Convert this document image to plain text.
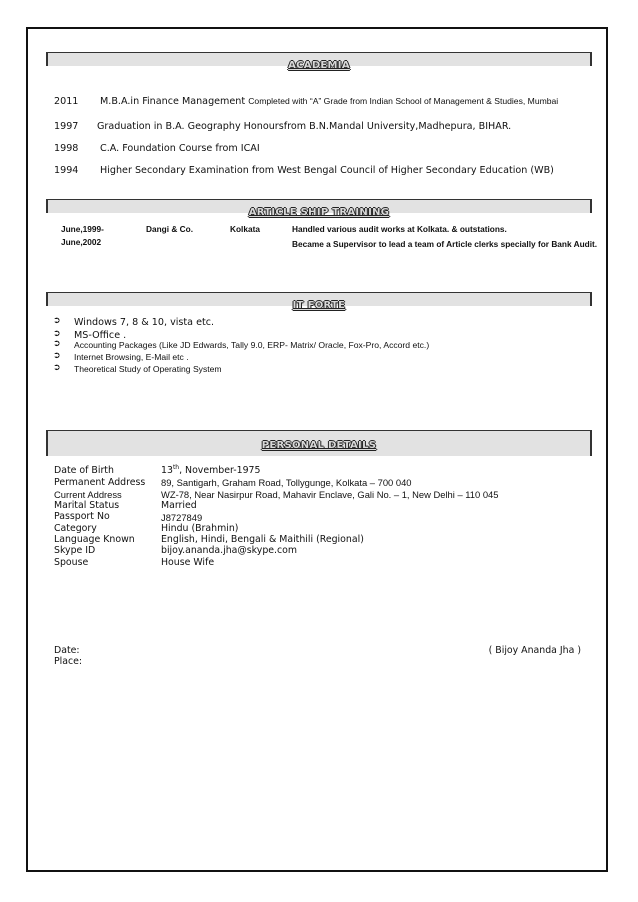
ACADEMIA
2011 M.B.A.in Finance Management Completed with “A” Grade from Indian School of Management & Studies, Mumbai
1997 Graduation in B.A. Geography Honoursfrom B.N.Mandal University,Madhepura, BIHAR.
1998 C.A. Foundation Course from ICAI
1994 Higher Secondary Examination from West Bengal Council of Higher Secondary Education (WB)
ARTICLE SHIP TRAINING
June,1999-
June,2002
Dangi & Co.	Kolkata	Handled various audit works at Kolkata. & outstations.
Became a Supervisor to lead a team of Article clerks specially for Bank Audit.
IT FORTE
➲ Windows 7, 8 & 10, vista etc.
➲ MS-Office .
➲ Accounting Packages (Like JD Edwards, Tally 9.0, ERP- Matrix/ Oracle, Fox-Pro, Accord etc.)
➲ Internet Browsing, E-Mail etc .
➲ Theoretical Study of Operating System
PERSONAL DETAILS
Date of Birth	13th, November-1975
Permanent Address 89, Santigarh, Graham Road, Tollygunge, Kolkata – 700 040
Current Address	WZ-78, Near Nasirpur Road, Mahavir Enclave, Gali No. – 1, New Delhi – 110 045
Marital Status	Married
Passport No	J8727849
Category	Hindu (Brahmin)
Language Known	English, Hindi, Bengali & Maithili (Regional)
Skype ID	bijoy.ananda.jha@skype.com
Spouse	House Wife
Date:
Place:
( Bijoy Ananda Jha )
